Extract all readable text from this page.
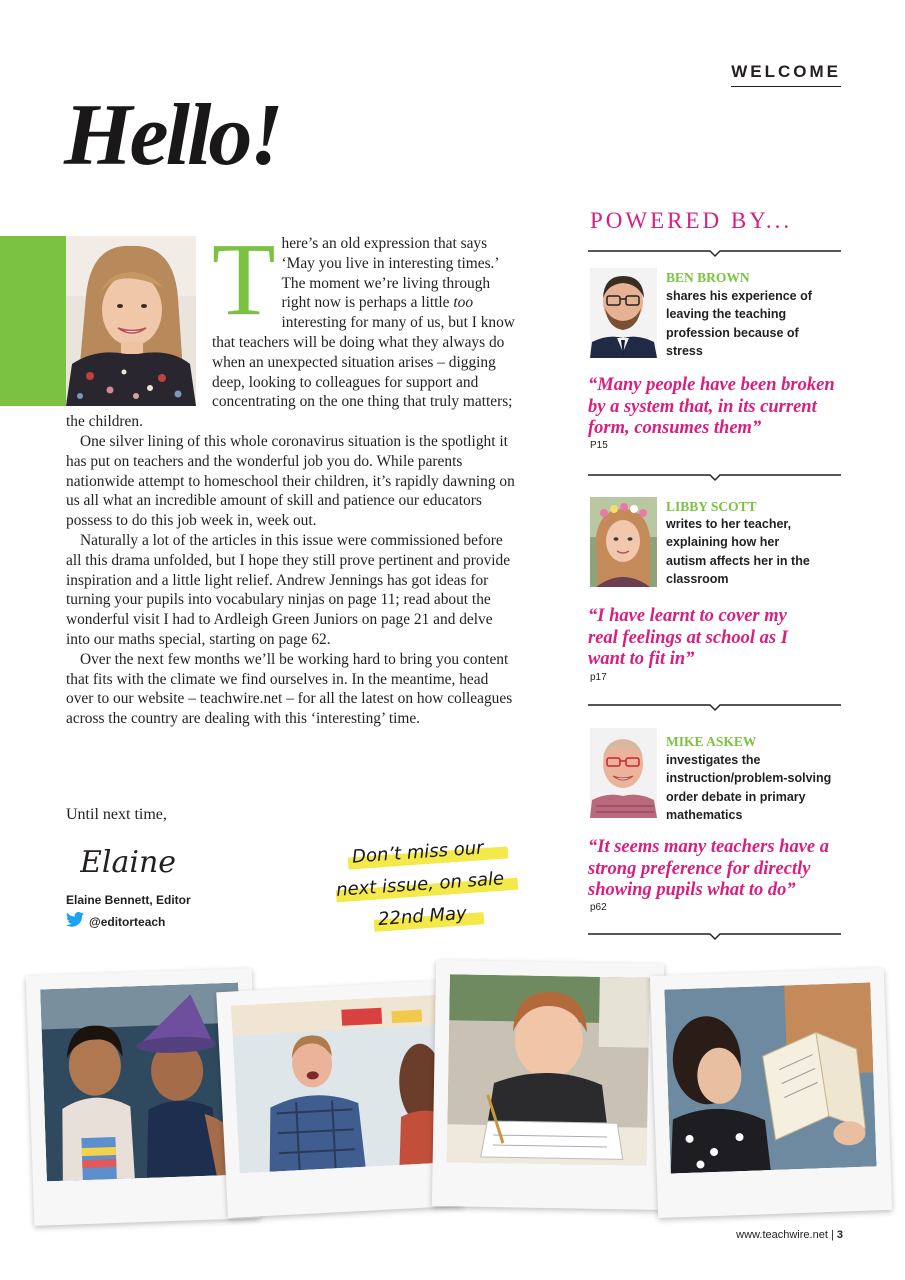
WELCOME
Hello!
T here’s an old expression that says ‘May you live in interesting times.’ The moment we’re living through right now is perhaps a little too interesting for many of us, but I know that teachers will be doing what they always do when an unexpected situation arises – digging deep, looking to colleagues for support and concentrating on the one thing that truly matters; the children.

One silver lining of this whole coronavirus situation is the spotlight it has put on teachers and the wonderful job you do. While parents nationwide attempt to homeschool their children, it’s rapidly dawning on us all what an incredible amount of skill and patience our educators possess to do this job week in, week out.

Naturally a lot of the articles in this issue were commissioned before all this drama unfolded, but I hope they still prove pertinent and provide inspiration and a little light relief. Andrew Jennings has got ideas for turning your pupils into vocabulary ninjas on page 11; read about the wonderful visit I had to Ardleigh Green Juniors on page 21 and delve into our maths special, starting on page 62.

Over the next few months we’ll be working hard to bring you content that fits with the climate we find ourselves in. In the meantime, head over to our website – teachwire.net – for all the latest on how colleagues across the country are dealing with this ‘interesting’ time.

Until next time,
Elaine
Elaine Bennett, Editor
@editorteach
Don’t miss our
next issue, on sale
22nd May
POWERED BY...
BEN BROWN
shares his experience of leaving the teaching profession because of stress
“Many people have been broken by a system that, in its current form, consumes them”
P15
LIBBY SCOTT
writes to her teacher, explaining how her autism affects her in the classroom
“I have learnt to cover my real feelings at school as I want to fit in”
p17
MIKE ASKEW
investigates the instruction/problem-solving order debate in primary mathematics
“It seems many teachers have a strong preference for directly showing pupils what to do”
p62
www.teachwire.net | 3
